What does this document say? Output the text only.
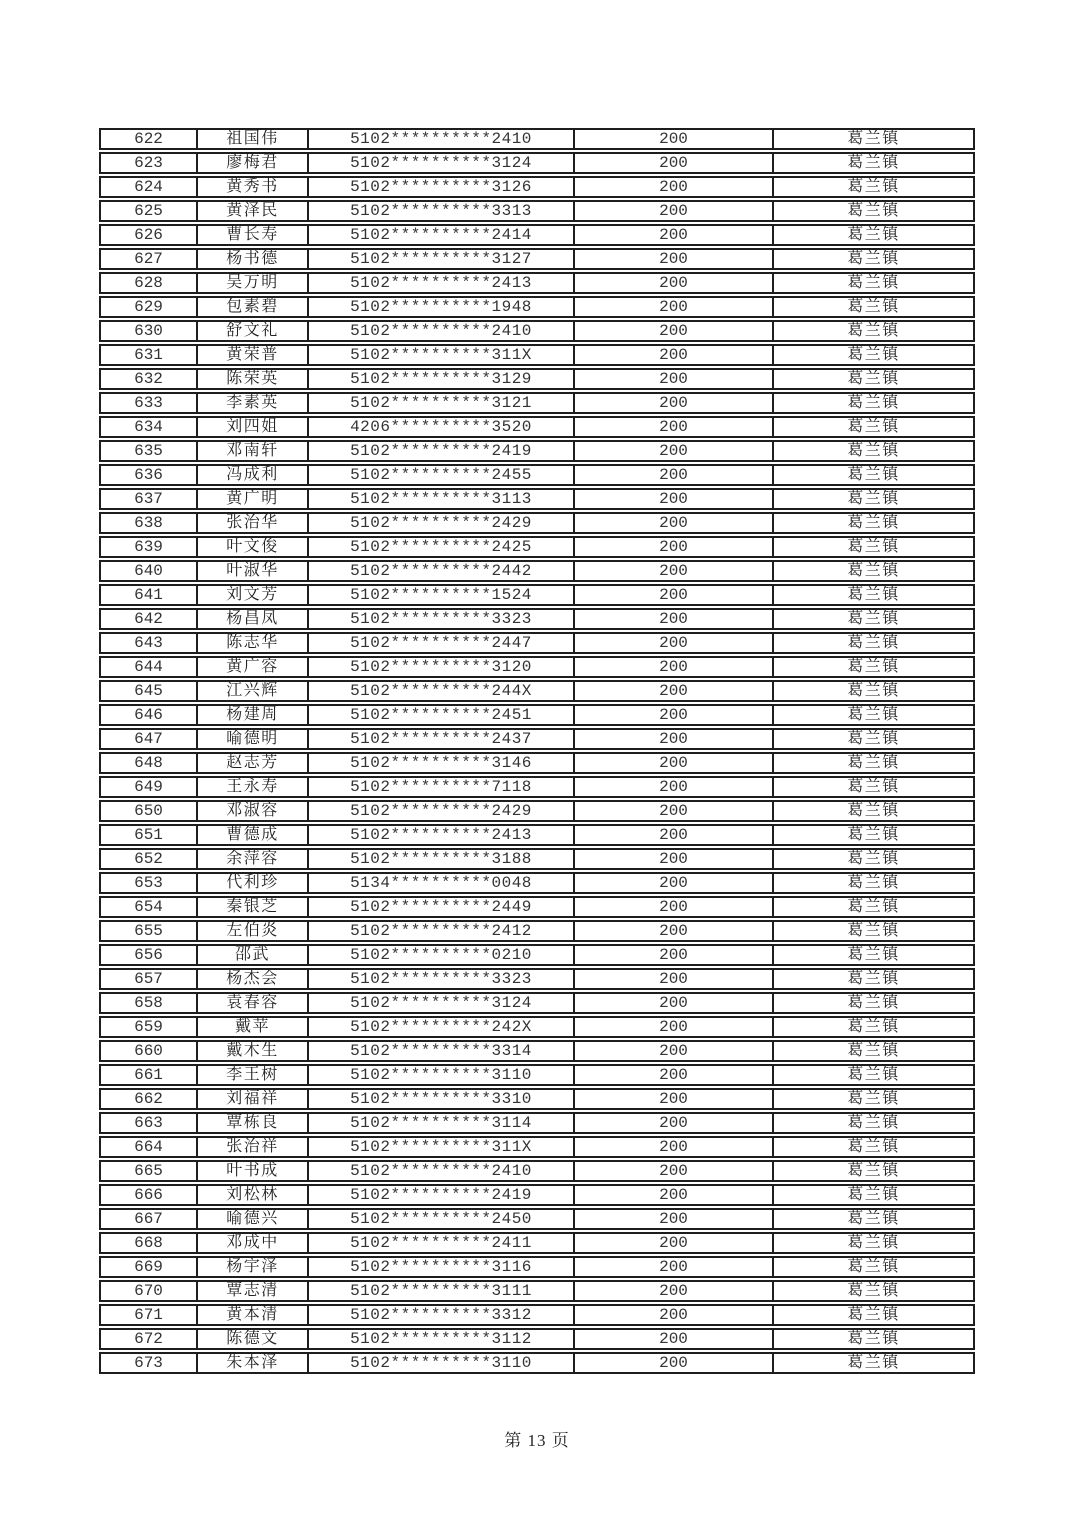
622	祖国伟	5102**********2410	200	葛兰镇
623	廖梅君	5102**********3124	200	葛兰镇
624	黄秀书	5102**********3126	200	葛兰镇
625	黄泽民	5102**********3313	200	葛兰镇
626	曹长寿	5102**********2414	200	葛兰镇
627	杨书德	5102**********3127	200	葛兰镇
628	吴万明	5102**********2413	200	葛兰镇
629	包素碧	5102**********1948	200	葛兰镇
630	舒文礼	5102**********2410	200	葛兰镇
631	黄荣普	5102**********311X	200	葛兰镇
632	陈荣英	5102**********3129	200	葛兰镇
633	李素英	5102**********3121	200	葛兰镇
634	刘四姐	4206**********3520	200	葛兰镇
635	邓南轩	5102**********2419	200	葛兰镇
636	冯成利	5102**********2455	200	葛兰镇
637	黄广明	5102**********3113	200	葛兰镇
638	张治华	5102**********2429	200	葛兰镇
639	叶文俊	5102**********2425	200	葛兰镇
640	叶淑华	5102**********2442	200	葛兰镇
641	刘文芳	5102**********1524	200	葛兰镇
642	杨昌凤	5102**********3323	200	葛兰镇
643	陈志华	5102**********2447	200	葛兰镇
644	黄广容	5102**********3120	200	葛兰镇
645	江兴辉	5102**********244X	200	葛兰镇
646	杨建周	5102**********2451	200	葛兰镇
647	喻德明	5102**********2437	200	葛兰镇
648	赵志芳	5102**********3146	200	葛兰镇
649	王永寿	5102**********7118	200	葛兰镇
650	邓淑容	5102**********2429	200	葛兰镇
651	曹德成	5102**********2413	200	葛兰镇
652	余萍容	5102**********3188	200	葛兰镇
653	代利珍	5134**********0048	200	葛兰镇
654	秦银芝	5102**********2449	200	葛兰镇
655	左伯炎	5102**********2412	200	葛兰镇
656	邵武	5102**********0210	200	葛兰镇
657	杨杰会	5102**********3323	200	葛兰镇
658	袁春容	5102**********3124	200	葛兰镇
659	戴苹	5102**********242X	200	葛兰镇
660	戴木生	5102**********3314	200	葛兰镇
661	李王树	5102**********3110	200	葛兰镇
662	刘福祥	5102**********3310	200	葛兰镇
663	覃栋良	5102**********3114	200	葛兰镇
664	张治祥	5102**********311X	200	葛兰镇
665	叶书成	5102**********2410	200	葛兰镇
666	刘松林	5102**********2419	200	葛兰镇
667	喻德兴	5102**********2450	200	葛兰镇
668	邓成中	5102**********2411	200	葛兰镇
669	杨宇泽	5102**********3116	200	葛兰镇
670	覃志清	5102**********3111	200	葛兰镇
671	黄本清	5102**********3312	200	葛兰镇
672	陈德文	5102**********3112	200	葛兰镇
673	朱本泽	5102**********3110	200	葛兰镇
第 13 页
